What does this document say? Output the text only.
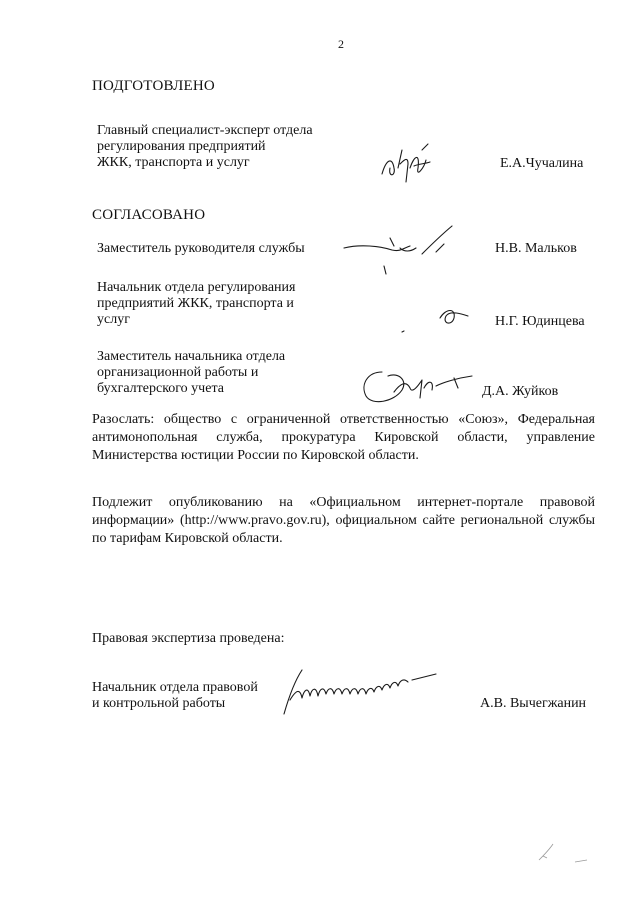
2
ПОДГОТОВЛЕНО
Главный специалист-эксперт отдела
регулирования предприятий
ЖКК, транспорта и услуг	Е.А.Чучалина
СОГЛАСОВАНО
Заместитель руководителя службы	Н.В. Мальков
Начальник отдела регулирования
предприятий ЖКК, транспорта и
услуг	Н.Г. Юдинцева
Заместитель начальника отдела
организационной работы и
бухгалтерского учета	Д.А. Жуйков
Разослать: общество с ограниченной ответственностью «Союз», Федеральная антимонопольная служба, прокуратура Кировской области, управление Министерства юстиции России по Кировской области.
Подлежит опубликованию на «Официальном интернет-портале правовой информации» (http://www.pravo.gov.ru), официальном сайте региональной службы по тарифам Кировской области.
Правовая экспертиза проведена:
Начальник отдела правовой
и контрольной работы	А.В. Вычегжанин
